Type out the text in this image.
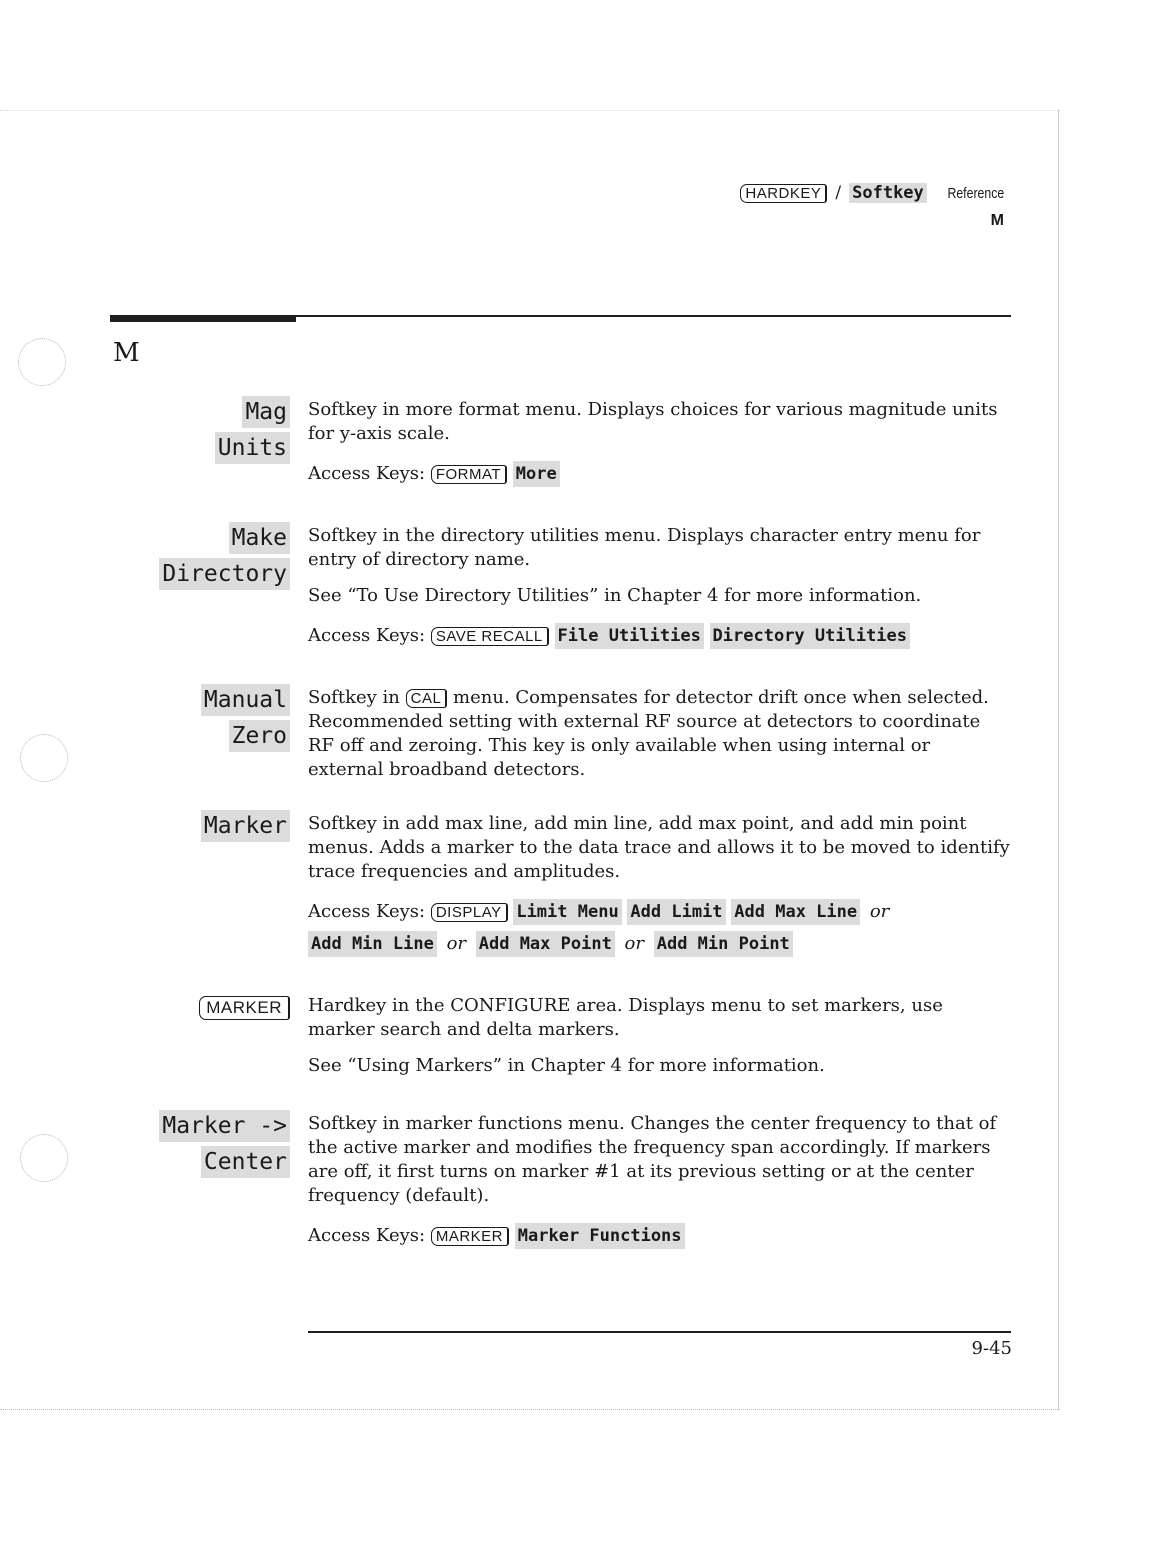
HARDKEY / Softkey Reference
M
M
Mag
Units

Softkey in more format menu. Displays choices for various magnitude units for y-axis scale.

Access Keys: FORMAT More

Make
Directory

Softkey in the directory utilities menu. Displays character entry menu for entry of directory name.

See “To Use Directory Utilities” in Chapter 4 for more information.

Access Keys: SAVE RECALL File Utilities Directory Utilities

Manual
Zero

Softkey in CAL menu. Compensates for detector drift once when selected. Recommended setting with external RF source at detectors to coordinate RF off and zeroing. This key is only available when using internal or external broadband detectors.

Marker Softkey in add max line, add min line, add max point, and add min point menus. Adds a marker to the data trace and allows it to be moved to identify trace frequencies and amplitudes.

Access Keys: DISPLAY Limit Menu Add Limit Add Max Line or
Add Min Line or Add Max Point or Add Min Point

MARKER	Hardkey in the CONFIGURE area. Displays menu to set markers, use marker search and delta markers.

See “Using Markers” in Chapter 4 for more information.

Marker ->
Center

Softkey in marker functions menu. Changes the center frequency to that of the active marker and modifies the frequency span accordingly. If markers are off, it first turns on marker #1 at its previous setting or at the center frequency (default).

Access Keys: MARKER Marker Functions

9-45
